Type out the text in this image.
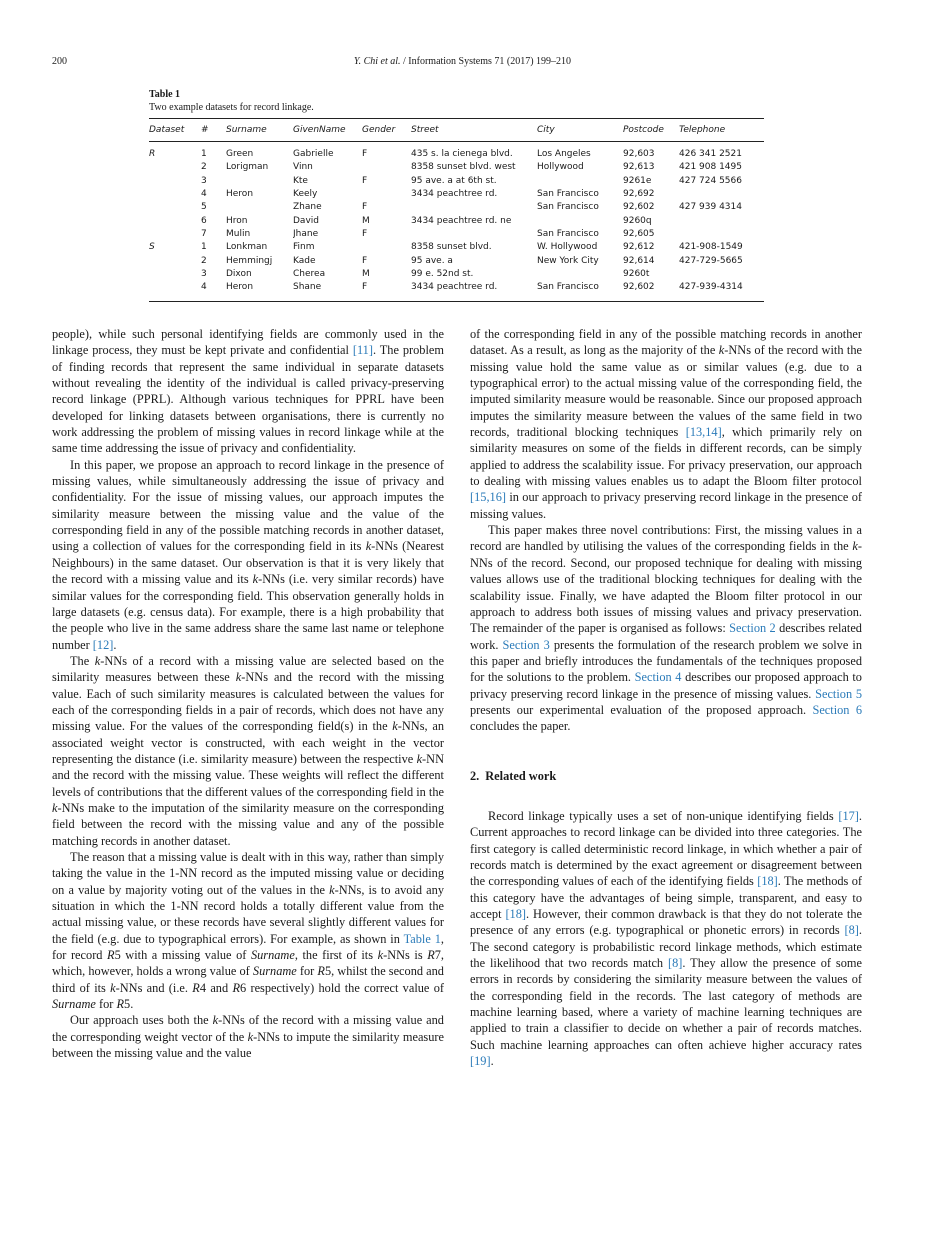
200	Y. Chi et al. / Information Systems 71 (2017) 199–210
Table 1
Two example datasets for record linkage.
Dataset	#	Surname	GivenName	Gender	Street	City	Postcode	Telephone
R	1	Green	Gabrielle	F	435 s. la cienega blvd.	Los Angeles	92,603	426 341 2521
	2	Lorigman	Vinn		8358 sunset blvd. west	Hollywood	92,613	421 908 1495
	3		Kte	F	95 ave. a at 6th st.		9261e	427 724 5566
	4	Heron	Keely		3434 peachtree rd.	San Francisco	92,692	
	5		Zhane	F		San Francisco	92,602	427 939 4314
	6	Hron	David	M	3434 peachtree rd. ne		9260q	
	7	Mulin	Jhane	F		San Francisco	92,605	
S	1	Lonkman	Finm		8358 sunset blvd.	W. Hollywood	92,612	421-908-1549
	2	Hemmingj	Kade	F	95 ave. a	New York City	92,614	427-729-5665
	3	Dixon	Cherea	M	99 e. 52nd st.		9260t	
	4	Heron	Shane	F	3434 peachtree rd.	San Francisco	92,602	427-939-4314

people), while such personal identifying fields are commonly used in the linkage process, they must be kept private and confidential [11]. The problem of finding records that represent the same individual in separate datasets without revealing the identity of the individual is called privacy-preserving record linkage (PPRL). Although various techniques for PPRL have been developed for linking datasets between organisations, there is currently no work addressing the problem of missing values in record linkage while at the same time addressing the issue of privacy and confidentiality.

In this paper, we propose an approach to record linkage in the presence of missing values, while simultaneously addressing the issue of privacy and confidentiality. For the issue of missing values, our approach imputes the similarity measure between the missing value and the value of the corresponding field in any of the possible matching records in another dataset, using a collection of values for the corresponding field in its k-NNs (Nearest Neighbours) in the same dataset. Our observation is that it is very likely that the record with a missing value and its k-NNs (i.e. very similar records) have similar values for the corresponding field. This observation generally holds in large datasets (e.g. census data). For example, there is a high probability that the people who live in the same address share the same last name or telephone number [12].

The k-NNs of a record with a missing value are selected based on the similarity measures between these k-NNs and the record with the missing value. Each of such similarity measures is calculated between the values for each of the corresponding fields in a pair of records, which does not have any missing value. For the values of the corresponding field(s) in the k-NNs, an associated weight vector is constructed, with each weight in the vector representing the distance (i.e. similarity measure) between the respective k-NN and the record with the missing value. These weights will reflect the different levels of contributions that the different values of the corresponding field in the k-NNs make to the imputation of the similarity measure on the corresponding field between the record with the missing value and any of the possible matching records in another dataset.

The reason that a missing value is dealt with in this way, rather than simply taking the value in the 1-NN record as the imputed missing value or deciding on a value by majority voting out of the values in the k-NNs, is to avoid any situation in which the 1-NN record holds a totally different value from the actual missing value, or these records have several slightly different values for the field (e.g. due to typographical errors). For example, as shown in Table 1, for record R5 with a missing value of Surname, the first of its k-NNs is R7, which, however, holds a wrong value of Surname for R5, whilst the second and third of its k-NNs and (i.e. R4 and R6 respectively) hold the correct value of Surname for R5.

Our approach uses both the k-NNs of the record with a missing value and the corresponding weight vector of the k-NNs to impute the similarity measure between the missing value and the value

of the corresponding field in any of the possible matching records in another dataset. As a result, as long as the majority of the k-NNs of the record with the missing value hold the same value as or similar values (e.g. due to a typographical error) to the actual missing value of the corresponding field, the imputed similarity measure would be reasonable. Since our proposed approach imputes the similarity measure between the values of the same field in two records, traditional blocking techniques [13,14], which primarily rely on similarity measures on some of the fields in different records, can be simply applied to address the scalability issue. For privacy preservation, our approach to dealing with missing values enables us to adapt the Bloom filter protocol [15,16] in our approach to privacy preserving record linkage in the presence of missing values.

This paper makes three novel contributions: First, the missing values in a record are handled by utilising the values of the corresponding fields in the k-NNs of the record. Second, our proposed technique for dealing with missing values allows use of the traditional blocking techniques for dealing with the scalability issue. Finally, we have adapted the Bloom filter protocol in our approach to address both issues of missing values and privacy preservation. The remainder of the paper is organised as follows: Section 2 describes related work. Section 3 presents the formulation of the research problem we solve in this paper and briefly introduces the fundamentals of the techniques proposed for the solutions to the problem. Section 4 describes our proposed approach to privacy preserving record linkage in the presence of missing values. Section 5 presents our experimental evaluation of the proposed approach. Section 6 concludes the paper.

2. Related work

Record linkage typically uses a set of non-unique identifying fields [17]. Current approaches to record linkage can be divided into three categories. The first category is called deterministic record linkage, in which whether a pair of records match is determined by the exact agreement or disagreement between the corresponding values of each of the identifying fields [18]. The methods of this category have the advantages of being simple, transparent, and easy to accept [18]. However, their common drawback is that they do not tolerate the presence of any errors (e.g. typographical or phonetic errors) in records [8]. The second category is probabilistic record linkage methods, which estimate the likelihood that two records match [8]. They allow the presence of some errors in records by considering the similarity measure between the values of the corresponding field in the records. The last category of methods are machine learning based, where a variety of machine learning techniques are applied to train a classifier to decide on whether a pair of records matches. Such machine learning approaches can often achieve higher accuracy rates [19].
